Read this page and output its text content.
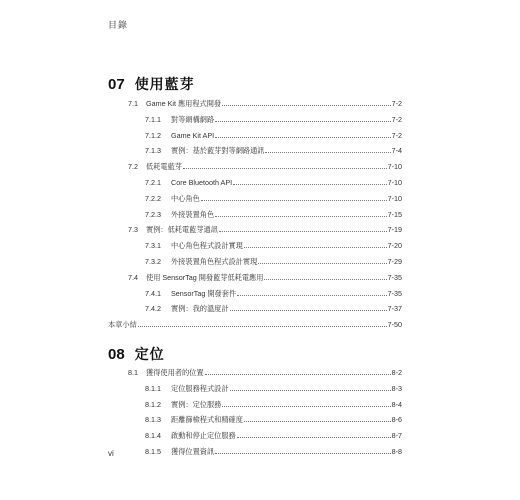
目錄
07 使用藍芽
7.1 Game Kit 應用程式開發	7-2
7.1.1 對等網構網路	7-2
7.1.2 Game Kit API	7-2
7.1.3 實例：基於藍芽對等網路通訊	7-4
7.2 低耗電藍芽	7-10
7.2.1 Core Bluetooth API	7-10
7.2.2 中心角色	7-10
7.2.3 外接裝置角色	7-15
7.3 實例：低耗電藍芽通訊	7-19
7.3.1 中心角色程式設計實現	7-20
7.3.2 外接裝置角色程式設計實現	7-29
7.4 使用 SensorTag 開發藍芽低耗電應用	7-35
7.4.1 SensorTag 開發套件	7-35
7.4.2 實例：我的溫度計	7-37
本章小結	7-50
08 定位
8.1 獲得使用者的位置	8-2
8.1.1 定位服務程式設計	8-3
8.1.2 實例：定位服務	8-4
8.1.3 距離篩檢程式和精確度	8-6
8.1.4 啟動和停止定位服務	8-7
8.1.5 獲得位置資訊	8-8
vi
